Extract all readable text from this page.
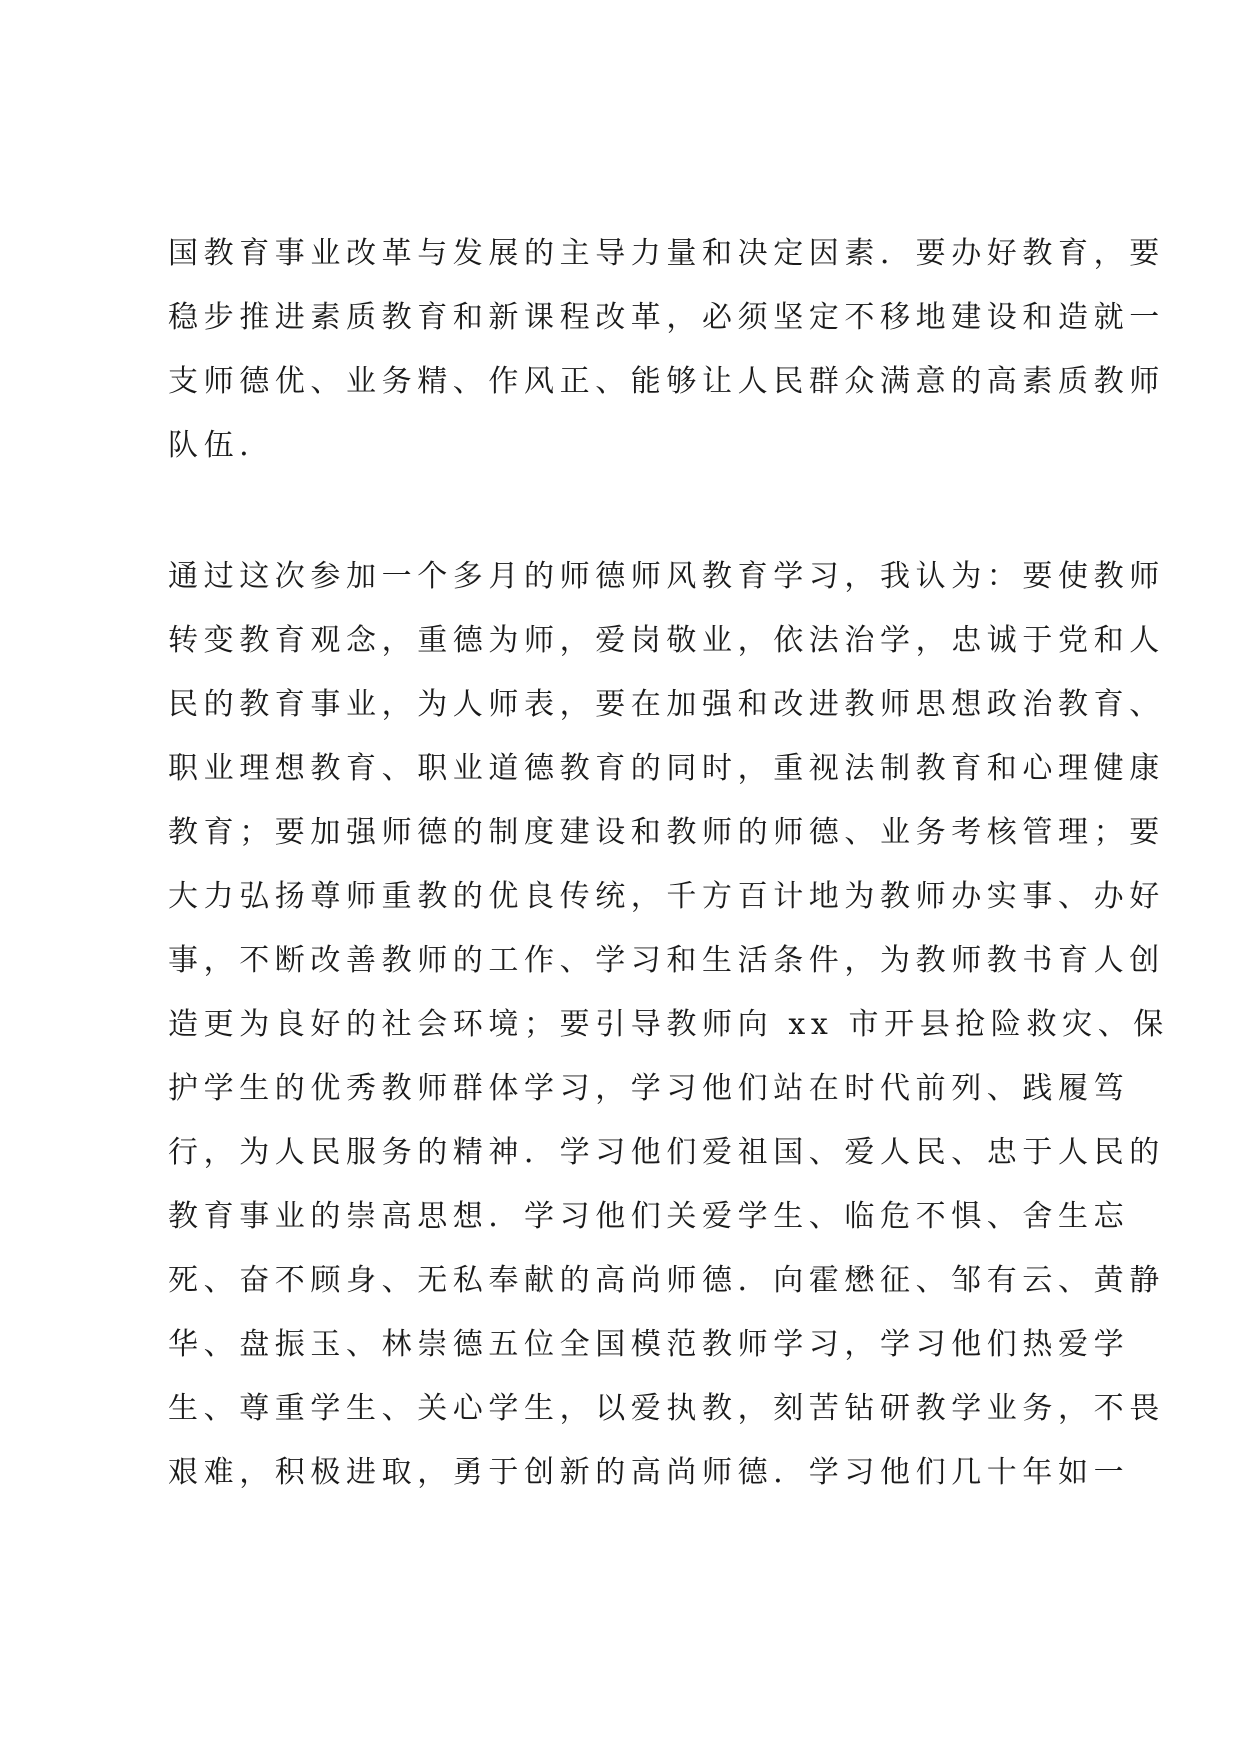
国教育事业改革与发展的主导力量和决定因素．要办好教育，要
稳步推进素质教育和新课程改革，必须坚定不移地建设和造就一
支师德优、业务精、作风正、能够让人民群众满意的高素质教师
队伍．
通过这次参加一个多月的师德师风教育学习，我认为：要使教师
转变教育观念，重德为师，爱岗敬业，依法治学，忠诚于党和人
民的教育事业，为人师表，要在加强和改进教师思想政治教育、
职业理想教育、职业道德教育的同时，重视法制教育和心理健康
教育；要加强师德的制度建设和教师的师德、业务考核管理；要
大力弘扬尊师重教的优良传统，千方百计地为教师办实事、办好
事，不断改善教师的工作、学习和生活条件，为教师教书育人创
造更为良好的社会环境；要引导教师向 xx 市开县抢险救灾、保
护学生的优秀教师群体学习，学习他们站在时代前列、践履笃
行，为人民服务的精神．学习他们爱祖国、爱人民、忠于人民的
教育事业的崇高思想．学习他们关爱学生、临危不惧、舍生忘
死、奋不顾身、无私奉献的高尚师德．向霍懋征、邹有云、黄静
华、盘振玉、林崇德五位全国模范教师学习，学习他们热爱学
生、尊重学生、关心学生，以爱执教，刻苦钻研教学业务，不畏
艰难，积极进取，勇于创新的高尚师德．学习他们几十年如一
